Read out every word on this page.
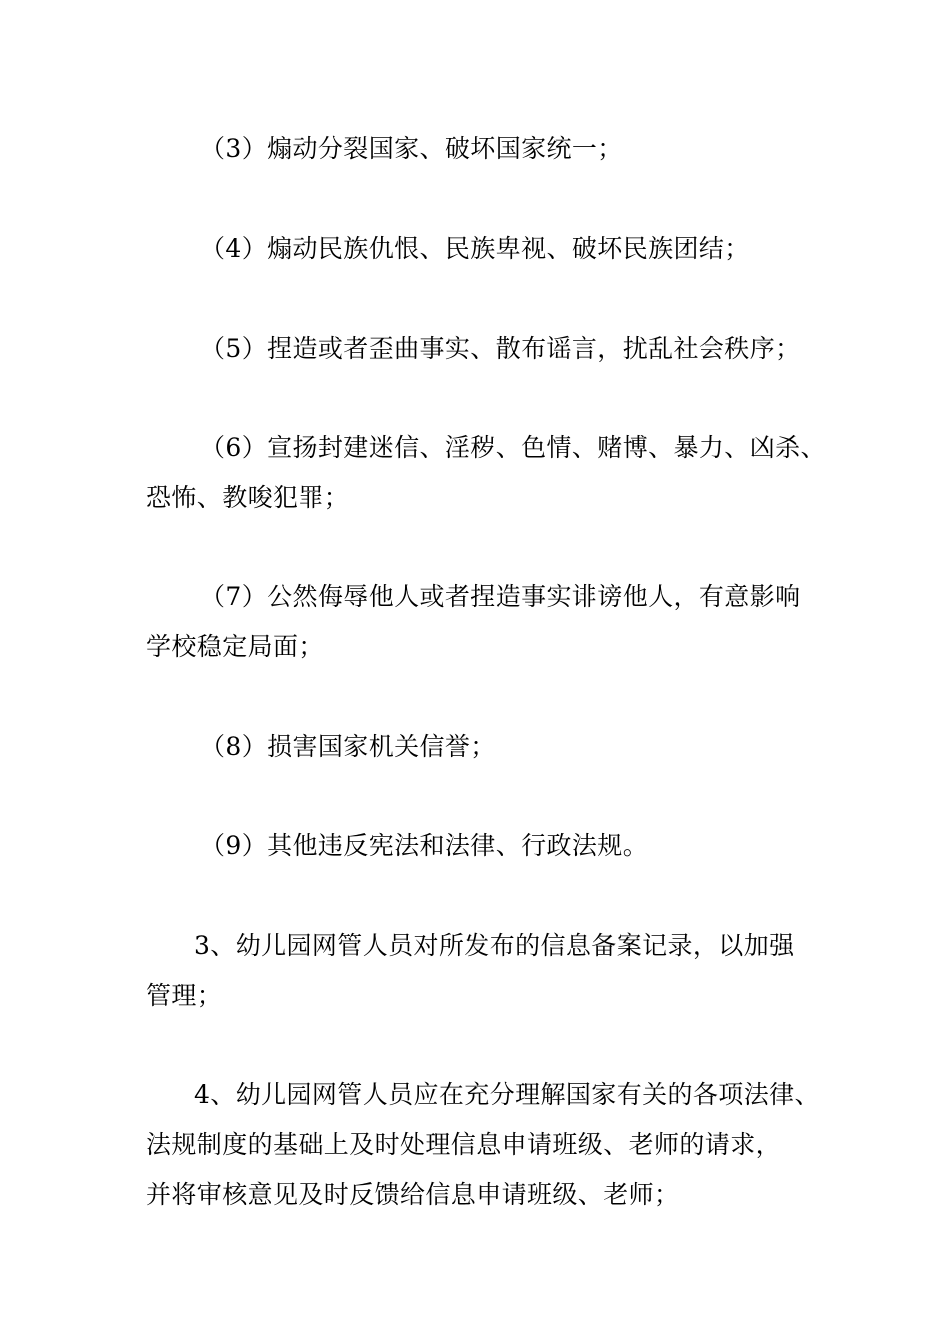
（3）煽动分裂国家、破坏国家统一；

（4）煽动民族仇恨、民族卑视、破坏民族团结；

（5）捏造或者歪曲事实、散布谣言，扰乱社会秩序；

（6）宣扬封建迷信、淫秽、色情、赌博、暴力、凶杀、

恐怖、教唆犯罪；

（7）公然侮辱他人或者捏造事实诽谤他人，有意影响

学校稳定局面；

（8）损害国家机关信誉；

（9）其他违反宪法和法律、行政法规。

3、幼儿园网管人员对所发布的信息备案记录，以加强

管理；

4、幼儿园网管人员应在充分理解国家有关的各项法律、

法规制度的基础上及时处理信息申请班级、老师的请求，

并将审核意见及时反馈给信息申请班级、老师；
